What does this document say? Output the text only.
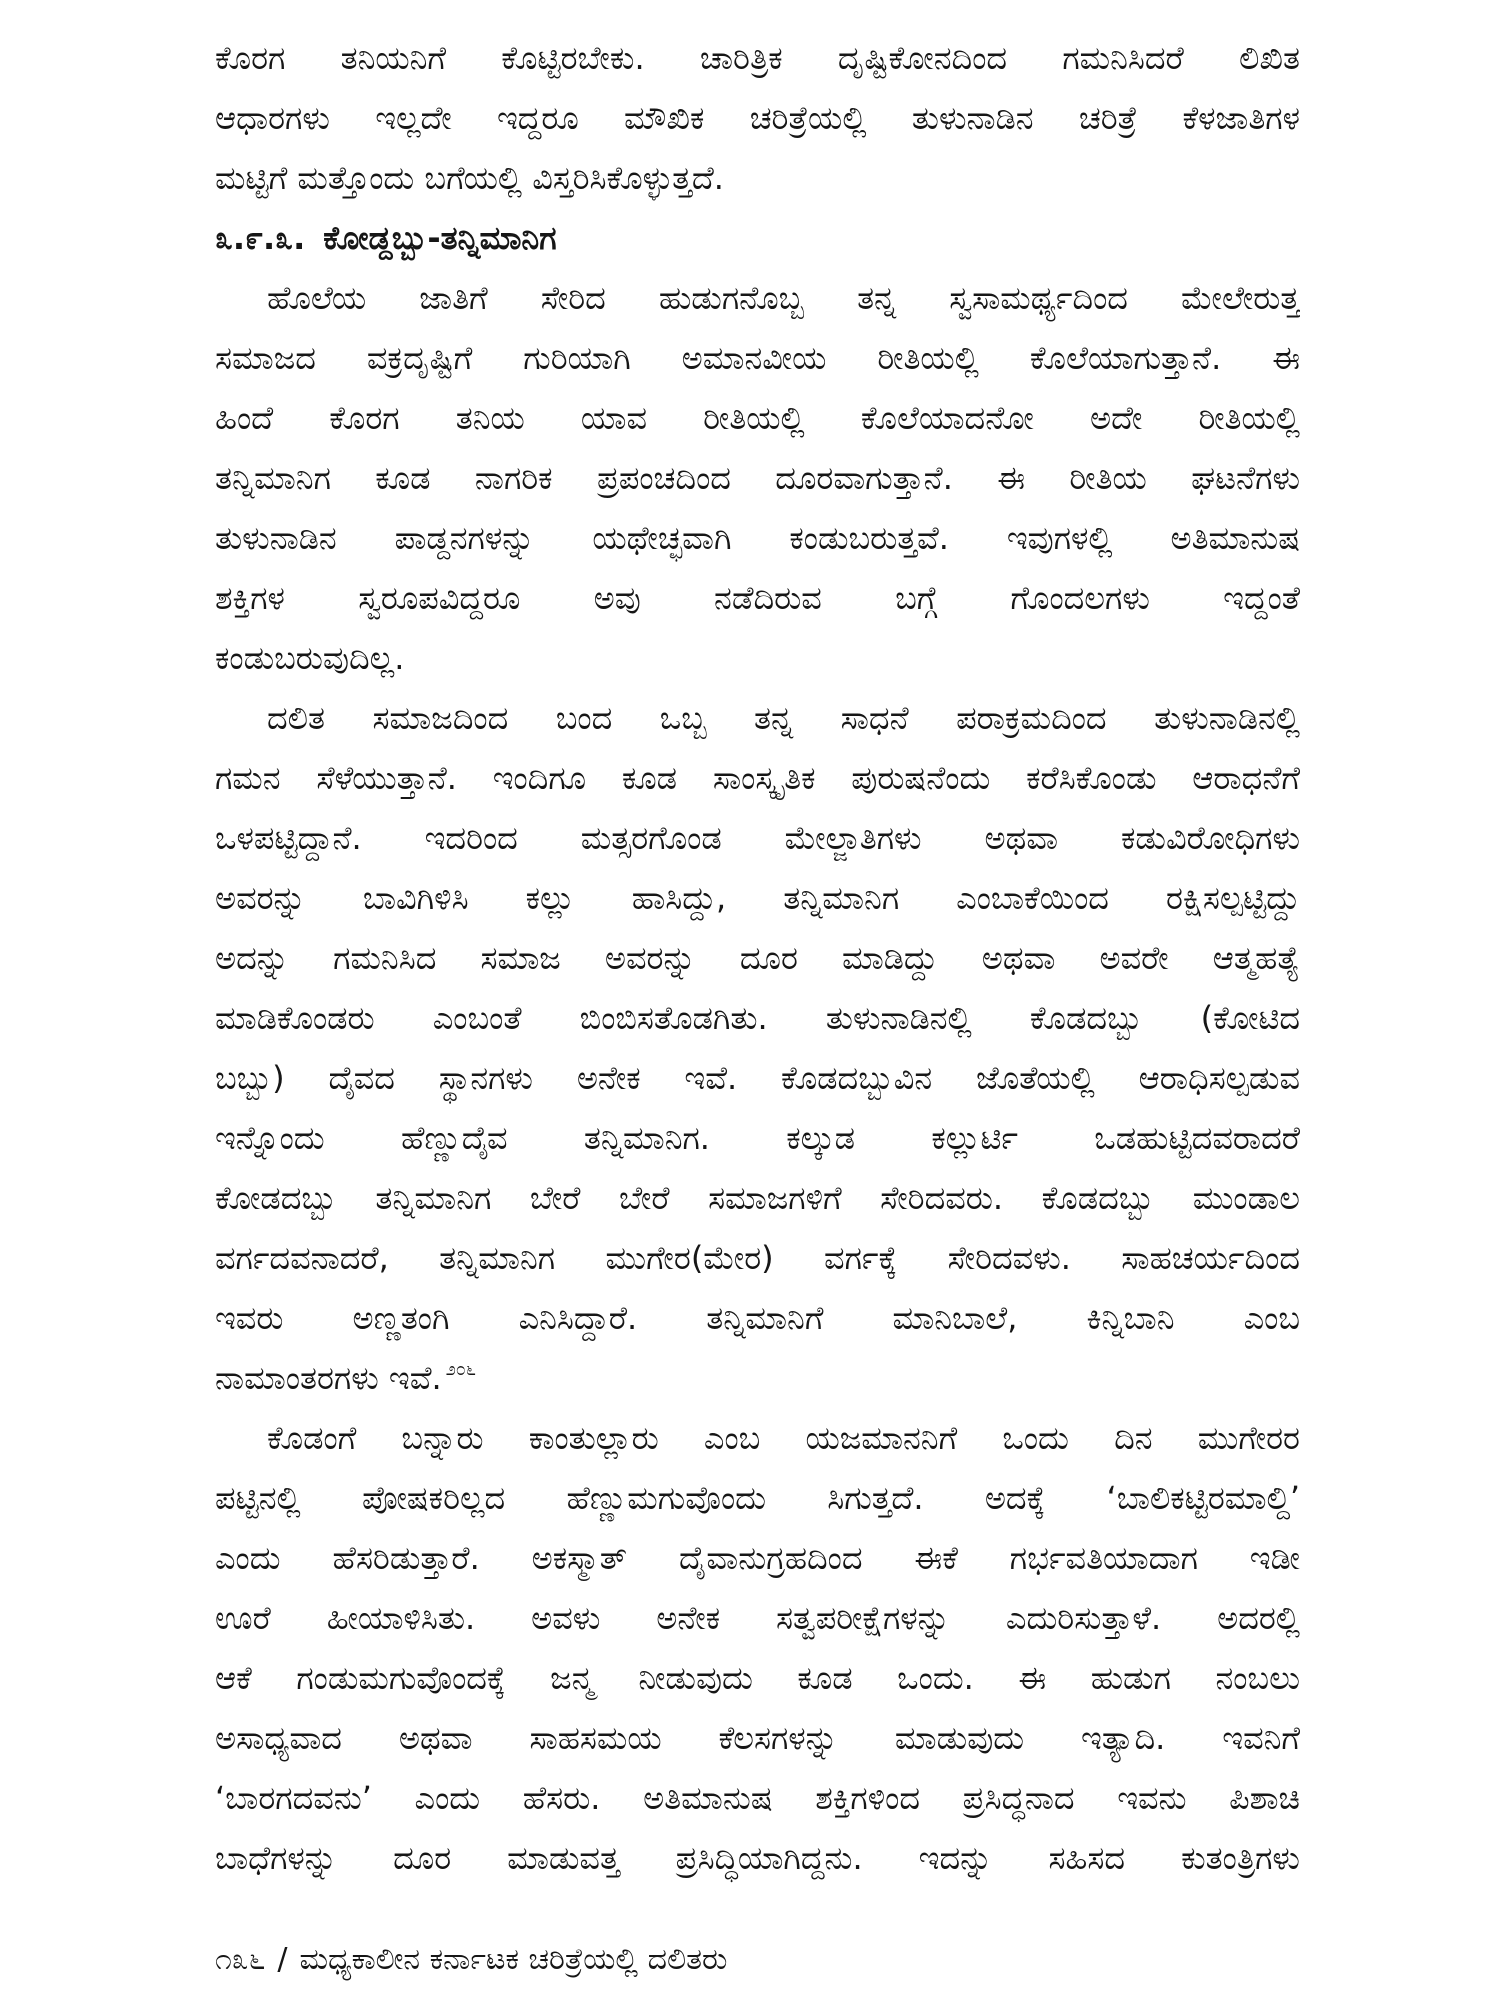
ಕೊರಗ ತನಿಯನಿಗೆ ಕೊಟ್ಟಿರಬೇಕು. ಚಾರಿತ್ರಿಕ ದೃಷ್ಟಿಕೋನದಿಂದ ಗಮನಿಸಿದರೆ ಲಿಖಿತ
ಆಧಾರಗಳು ಇಲ್ಲದೇ ಇದ್ದರೂ ಮೌಖಿಕ ಚರಿತ್ರೆಯಲ್ಲಿ ತುಳುನಾಡಿನ ಚರಿತ್ರೆ ಕೆಳಜಾತಿಗಳ
ಮಟ್ಟಿಗೆ ಮತ್ತೊಂದು ಬಗೆಯಲ್ಲಿ ವಿಸ್ತರಿಸಿಕೊಳ್ಳುತ್ತದೆ.
೩.೯.೩. ಕೋಡ್ದಬ್ಬು-ತನ್ನಿಮಾನಿಗ
ಹೊಲೆಯ ಜಾತಿಗೆ ಸೇರಿದ ಹುಡುಗನೊಬ್ಬ ತನ್ನ ಸ್ವಸಾಮರ್ಥ್ಯದಿಂದ ಮೇಲೇರುತ್ತ
ಸಮಾಜದ ವಕ್ರದೃಷ್ಟಿಗೆ ಗುರಿಯಾಗಿ ಅಮಾನವೀಯ ರೀತಿಯಲ್ಲಿ ಕೊಲೆಯಾಗುತ್ತಾನೆ. ಈ
ಹಿಂದೆ ಕೊರಗ ತನಿಯ ಯಾವ ರೀತಿಯಲ್ಲಿ ಕೊಲೆಯಾದನೋ ಅದೇ ರೀತಿಯಲ್ಲಿ
ತನ್ನಿಮಾನಿಗ ಕೂಡ ನಾಗರಿಕ ಪ್ರಪಂಚದಿಂದ ದೂರವಾಗುತ್ತಾನೆ. ಈ ರೀತಿಯ ಘಟನೆಗಳು
ತುಳುನಾಡಿನ ಪಾಡ್ದನಗಳನ್ನು ಯಥೇಚ್ಛವಾಗಿ ಕಂಡುಬರುತ್ತವೆ. ಇವುಗಳಲ್ಲಿ ಅತಿಮಾನುಷ
ಶಕ್ತಿಗಳ ಸ್ವರೂಪವಿದ್ದರೂ ಅವು ನಡೆದಿರುವ ಬಗ್ಗೆ ಗೊಂದಲಗಳು ಇದ್ದಂತೆ
ಕಂಡುಬರುವುದಿಲ್ಲ.
ದಲಿತ ಸಮಾಜದಿಂದ ಬಂದ ಒಬ್ಬ ತನ್ನ ಸಾಧನೆ ಪರಾಕ್ರಮದಿಂದ ತುಳುನಾಡಿನಲ್ಲಿ
ಗಮನ ಸೆಳೆಯುತ್ತಾನೆ. ಇಂದಿಗೂ ಕೂಡ ಸಾಂಸ್ಕೃತಿಕ ಪುರುಷನೆಂದು ಕರೆಸಿಕೊಂಡು ಆರಾಧನೆಗೆ
ಒಳಪಟ್ಟಿದ್ದಾನೆ. ಇದರಿಂದ ಮತ್ಸರಗೊಂಡ ಮೇಲ್ಜಾತಿಗಳು ಅಥವಾ ಕಡುವಿರೋಧಿಗಳು
ಅವರನ್ನು ಬಾವಿಗಿಳಿಸಿ ಕಲ್ಲು ಹಾಸಿದ್ದು, ತನ್ನಿಮಾನಿಗ ಎಂಬಾಕೆಯಿಂದ ರಕ್ಷಿಸಲ್ಪಟ್ಟಿದ್ದು
ಅದನ್ನು ಗಮನಿಸಿದ ಸಮಾಜ ಅವರನ್ನು ದೂರ ಮಾಡಿದ್ದು ಅಥವಾ ಅವರೇ ಆತ್ಮಹತ್ಯೆ
ಮಾಡಿಕೊಂಡರು ಎಂಬಂತೆ ಬಿಂಬಿಸತೊಡಗಿತು. ತುಳುನಾಡಿನಲ್ಲಿ ಕೊಡದಬ್ಬು (ಕೋಟಿದ
ಬಬ್ಬು) ದೈವದ ಸ್ಥಾನಗಳು ಅನೇಕ ಇವೆ. ಕೊಡದಬ್ಬುವಿನ ಜೊತೆಯಲ್ಲಿ ಆರಾಧಿಸಲ್ಪಡುವ
ಇನ್ನೊಂದು ಹೆಣ್ಣುದೈವ ತನ್ನಿಮಾನಿಗ. ಕಲ್ಕುಡ ಕಲ್ಲುರ್ಟಿ ಒಡಹುಟ್ಟಿದವರಾದರೆ
ಕೋಡದಬ್ಬು ತನ್ನಿಮಾನಿಗ ಬೇರೆ ಬೇರೆ ಸಮಾಜಗಳಿಗೆ ಸೇರಿದವರು. ಕೊಡದಬ್ಬು ಮುಂಡಾಲ
ವರ್ಗದವನಾದರೆ, ತನ್ನಿಮಾನಿಗ ಮುಗೇರ(ಮೇರ) ವರ್ಗಕ್ಕೆ ಸೇರಿದವಳು. ಸಾಹಚರ್ಯದಿಂದ
ಇವರು ಅಣ್ಣತಂಗಿ ಎನಿಸಿದ್ದಾರೆ. ತನ್ನಿಮಾನಿಗೆ ಮಾನಿಬಾಲೆ, ಕಿನ್ನಿಬಾನಿ ಎಂಬ
ನಾಮಾಂತರಗಳು ಇವೆ. $^{೨೦೬}$
ಕೊಡಂಗೆ ಬನ್ನಾರು ಕಾಂತುಲ್ಲಾರು ಎಂಬ ಯಜಮಾನನಿಗೆ ಒಂದು ದಿನ ಮುಗೇರರ
ಪಟ್ಟಿನಲ್ಲಿ ಪೋಷಕರಿಲ್ಲದ ಹೆಣ್ಣುಮಗುವೊಂದು ಸಿಗುತ್ತದೆ. ಅದಕ್ಕೆ ‘ಬಾಲಿಕಟ್ಟಿರಮಾಲ್ದಿ’
ಎಂದು ಹೆಸರಿಡುತ್ತಾರೆ. ಅಕಸ್ಮಾತ್ ದೈವಾನುಗ್ರಹದಿಂದ ಈಕೆ ಗರ್ಭವತಿಯಾದಾಗ ಇಡೀ
ಊರೆ ಹೀಯಾಳಿಸಿತು. ಅವಳು ಅನೇಕ ಸತ್ವಪರೀಕ್ಷೆಗಳನ್ನು ಎದುರಿಸುತ್ತಾಳೆ. ಅದರಲ್ಲಿ
ಆಕೆ ಗಂಡುಮಗುವೊಂದಕ್ಕೆ ಜನ್ಮ ನೀಡುವುದು ಕೂಡ ಒಂದು. ಈ ಹುಡುಗ ನಂಬಲು
ಅಸಾಧ್ಯವಾದ ಅಥವಾ ಸಾಹಸಮಯ ಕೆಲಸಗಳನ್ನು ಮಾಡುವುದು ಇತ್ಯಾದಿ. ಇವನಿಗೆ
‘ಬಾರಗದವನು’ ಎಂದು ಹೆಸರು. ಅತಿಮಾನುಷ ಶಕ್ತಿಗಳಿಂದ ಪ್ರಸಿದ್ಧನಾದ ಇವನು ಪಿಶಾಚಿ
ಬಾಧೆಗಳನ್ನು ದೂರ ಮಾಡುವತ್ತ ಪ್ರಸಿದ್ಧಿಯಾಗಿದ್ದನು. ಇದನ್ನು ಸಹಿಸದ ಕುತಂತ್ರಿಗಳು
೧೩೬ / ಮಧ್ಯಕಾಲೀನ ಕರ್ನಾಟಕ ಚರಿತ್ರೆಯಲ್ಲಿ ದಲಿತರು
